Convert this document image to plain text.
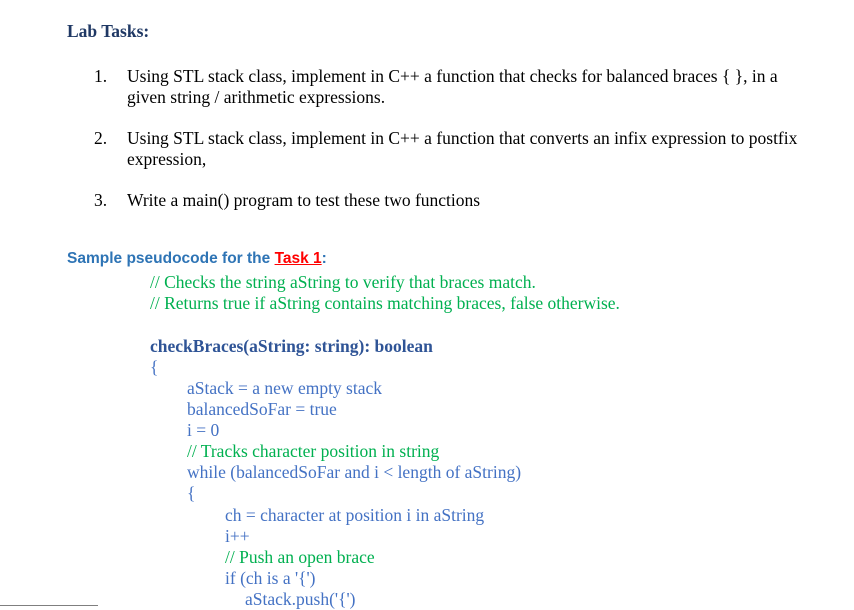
Lab Tasks:
1. Using STL stack class, implement in C++ a function that checks for balanced braces { }, in a
given string / arithmetic expressions.
2. Using STL stack class, implement in C++ a function that converts an infix expression to postfix
expression,
3. Write a main() program to test these two functions
Sample pseudocode for the Task 1:
// Checks the string aString to verify that braces match.
// Returns true if aString contains matching braces, false otherwise.
checkBraces(aString: string): boolean
{
aStack = a new empty stack
balancedSoFar = true
i = 0
// Tracks character position in string
while (balancedSoFar and i < length of aString)
{
ch = character at position i in aString
i++
// Push an open brace
if (ch is a '{')
aStack.push('{')
